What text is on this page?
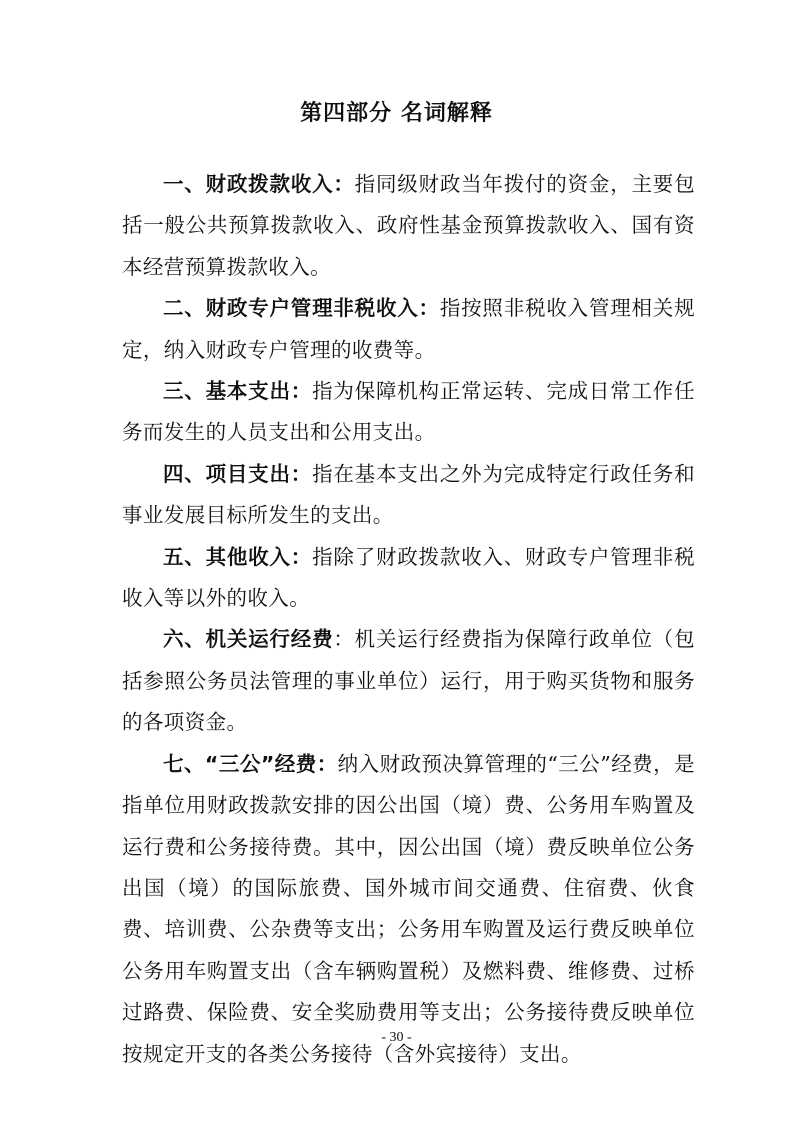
第四部分 名词解释

一、财政拨款收入：指同级财政当年拨付的资金，主要包括一般公共预算拨款收入、政府性基金预算拨款收入、国有资本经营预算拨款收入。

二、财政专户管理非税收入：指按照非税收入管理相关规定，纳入财政专户管理的收费等。

三、基本支出：指为保障机构正常运转、完成日常工作任务而发生的人员支出和公用支出。

四、项目支出：指在基本支出之外为完成特定行政任务和事业发展目标所发生的支出。

五、其他收入：指除了财政拨款收入、财政专户管理非税收入等以外的收入。

六、机关运行经费：机关运行经费指为保障行政单位（包括参照公务员法管理的事业单位）运行，用于购买货物和服务的各项资金。

七、“三公”经费：纳入财政预决算管理的“三公”经费，是指单位用财政拨款安排的因公出国（境）费、公务用车购置及运行费和公务接待费。其中，因公出国（境）费反映单位公务出国（境）的国际旅费、国外城市间交通费、住宿费、伙食费、培训费、公杂费等支出；公务用车购置及运行费反映单位公务用车购置支出（含车辆购置税）及燃料费、维修费、过桥过路费、保险费、安全奖励费用等支出；公务接待费反映单位按规定开支的各类公务接待（含外宾接待）支出。

- 30 -
